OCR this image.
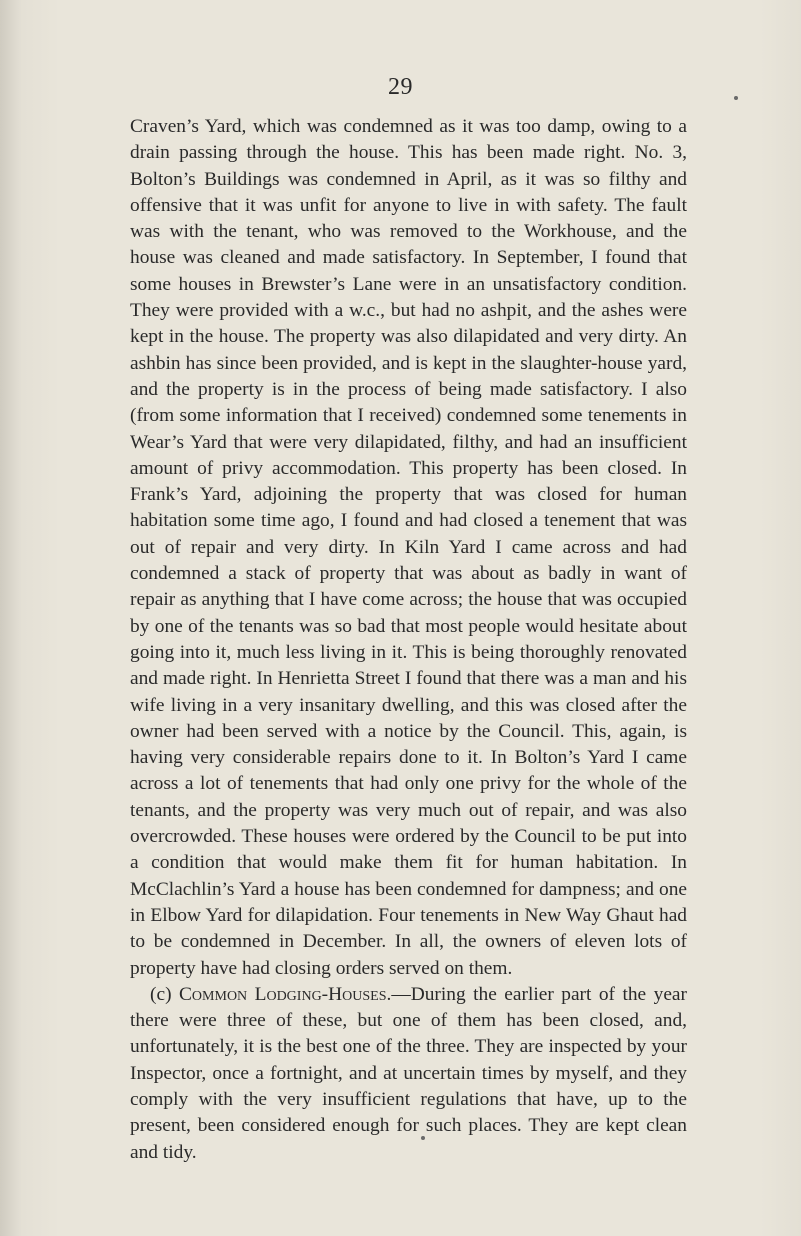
29

Craven’s Yard, which was condemned as it was too damp, owing to a drain passing through the house. This has been made right. No. 3, Bolton’s Buildings was condemned in April, as it was so filthy and offensive that it was unfit for anyone to live in with safety. The fault was with the tenant, who was removed to the Workhouse, and the house was cleaned and made satisfactory. In September, I found that some houses in Brewster’s Lane were in an unsatisfactory condition. They were provided with a w.c., but had no ashpit, and the ashes were kept in the house. The property was also dilapidated and very dirty. An ashbin has since been provided, and is kept in the slaughter-house yard, and the property is in the process of being made satisfactory. I also (from some information that I received) condemned some tenements in Wear’s Yard that were very dilapidated, filthy, and had an insufficient amount of privy accommodation. This property has been closed. In Frank’s Yard, adjoining the property that was closed for human habitation some time ago, I found and had closed a tenement that was out of repair and very dirty. In Kiln Yard I came across and had condemned a stack of property that was about as badly in want of repair as anything that I have come across; the house that was occupied by one of the tenants was so bad that most people would hesitate about going into it, much less living in it. This is being thoroughly renovated and made right. In Henrietta Street I found that there was a man and his wife living in a very insanitary dwelling, and this was closed after the owner had been served with a notice by the Council. This, again, is having very considerable repairs done to it. In Bolton’s Yard I came across a lot of tenements that had only one privy for the whole of the tenants, and the property was very much out of repair, and was also overcrowded. These houses were ordered by the Council to be put into a condition that would make them fit for human habitation. In McClachlin’s Yard a house has been condemned for dampness; and one in Elbow Yard for dilapidation. Four tenements in New Way Ghaut had to be condemned in December. In all, the owners of eleven lots of property have had closing orders served on them.

(c) Common Lodging-Houses.—During the earlier part of the year there were three of these, but one of them has been closed, and, unfortunately, it is the best one of the three. They are inspected by your Inspector, once a fortnight, and at uncertain times by myself, and they comply with the very insufficient regulations that have, up to the present, been considered enough for such places. They are kept clean and tidy.
